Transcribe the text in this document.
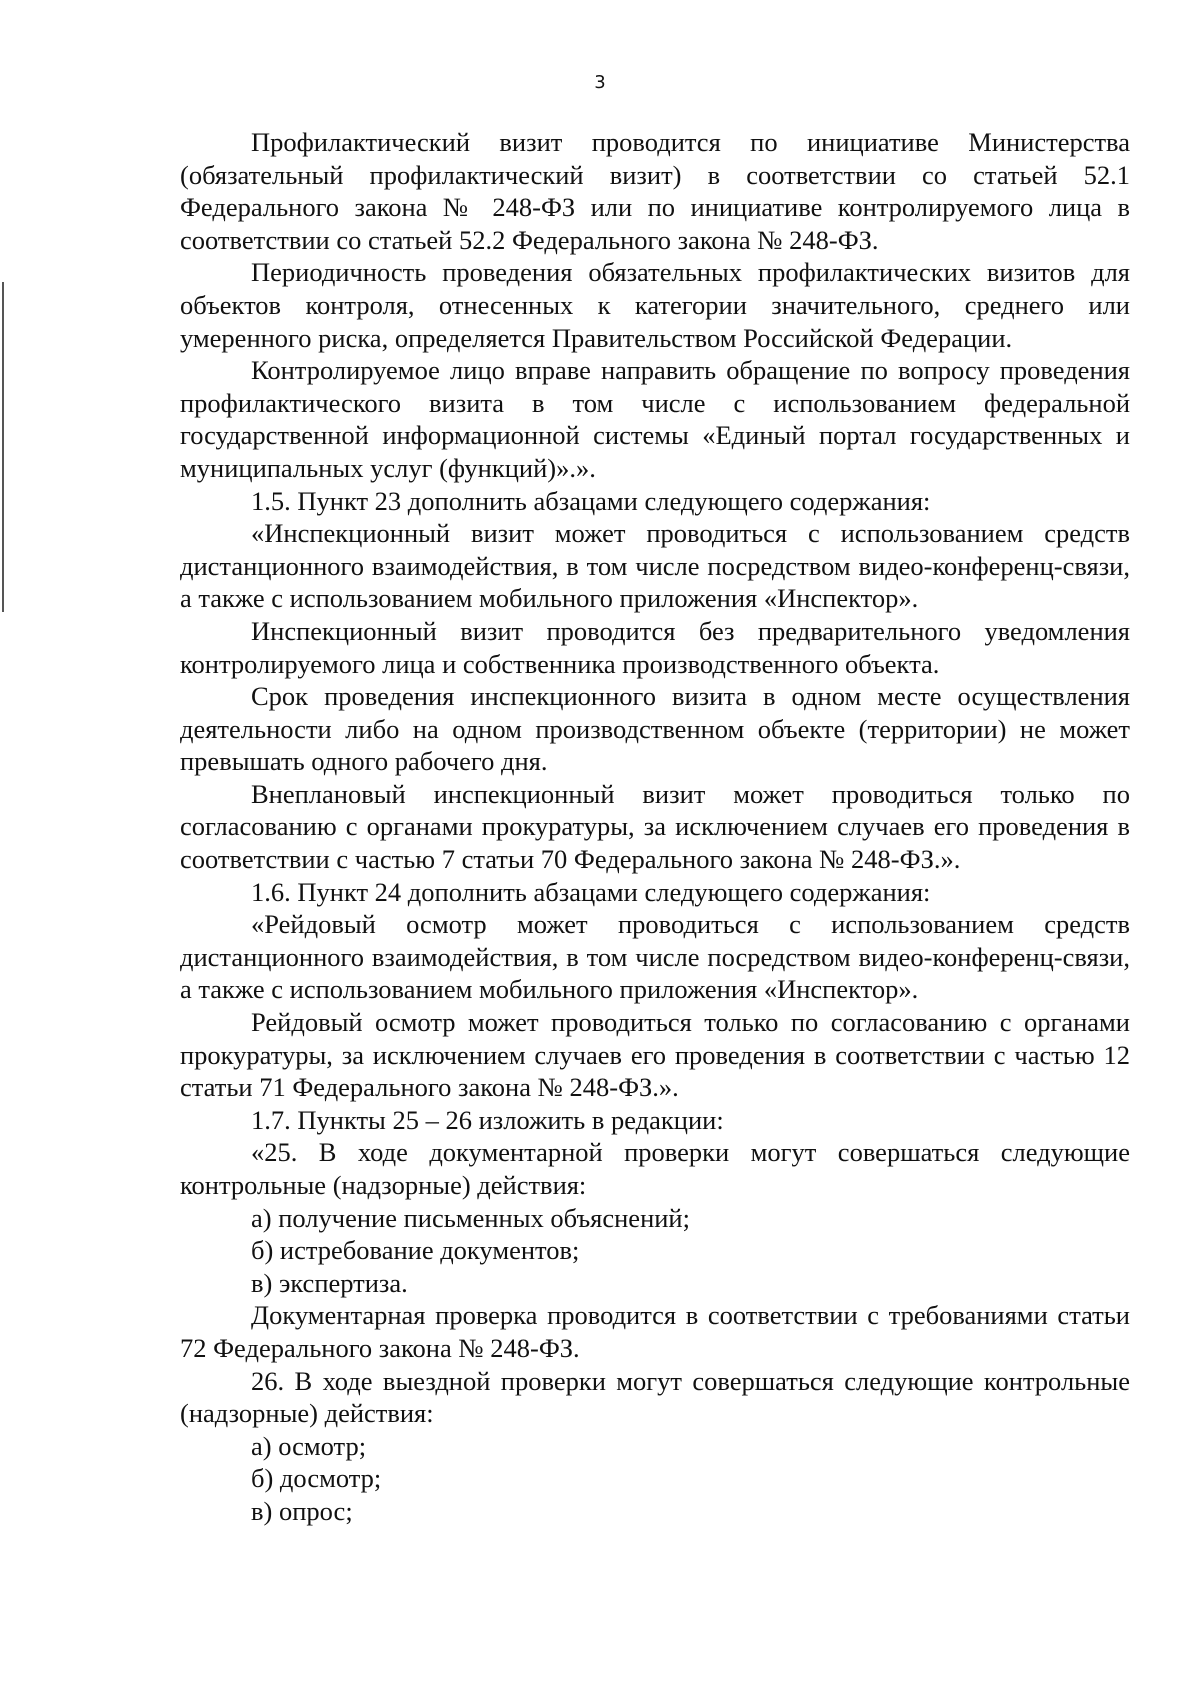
3

Профилактический визит проводится по инициативе Министерства (обязательный профилактический визит) в соответствии со статьей 52.1 Федерального закона № 248-ФЗ или по инициативе контролируемого лица в соответствии со статьей 52.2 Федерального закона № 248-ФЗ.

Периодичность проведения обязательных профилактических визитов для объектов контроля, отнесенных к категории значительного, среднего или умеренного риска, определяется Правительством Российской Федерации.

Контролируемое лицо вправе направить обращение по вопросу проведения профилактического визита в том числе с использованием федеральной государственной информационной системы «Единый портал государственных и муниципальных услуг (функций)».».

1.5. Пункт 23 дополнить абзацами следующего содержания:

«Инспекционный визит может проводиться с использованием средств дистанционного взаимодействия, в том числе посредством видео-конференц-связи, а также с использованием мобильного приложения «Инспектор».

Инспекционный визит проводится без предварительного уведомления контролируемого лица и собственника производственного объекта.

Срок проведения инспекционного визита в одном месте осуществления деятельности либо на одном производственном объекте (территории) не может превышать одного рабочего дня.

Внеплановый инспекционный визит может проводиться только по согласованию с органами прокуратуры, за исключением случаев его проведения в соответствии с частью 7 статьи 70 Федерального закона № 248-ФЗ.».

1.6. Пункт 24 дополнить абзацами следующего содержания:

«Рейдовый осмотр может проводиться с использованием средств дистанционного взаимодействия, в том числе посредством видео-конференц-связи, а также с использованием мобильного приложения «Инспектор».

Рейдовый осмотр может проводиться только по согласованию с органами прокуратуры, за исключением случаев его проведения в соответствии с частью 12 статьи 71 Федерального закона № 248-ФЗ.».

1.7. Пункты 25 – 26 изложить в редакции:

«25. В ходе документарной проверки могут совершаться следующие контрольные (надзорные) действия:

а) получение письменных объяснений;

б) истребование документов;

в) экспертиза.

Документарная проверка проводится в соответствии с требованиями статьи 72 Федерального закона № 248-ФЗ.

26. В ходе выездной проверки могут совершаться следующие контрольные (надзорные) действия:

а) осмотр;

б) досмотр;

в) опрос;
